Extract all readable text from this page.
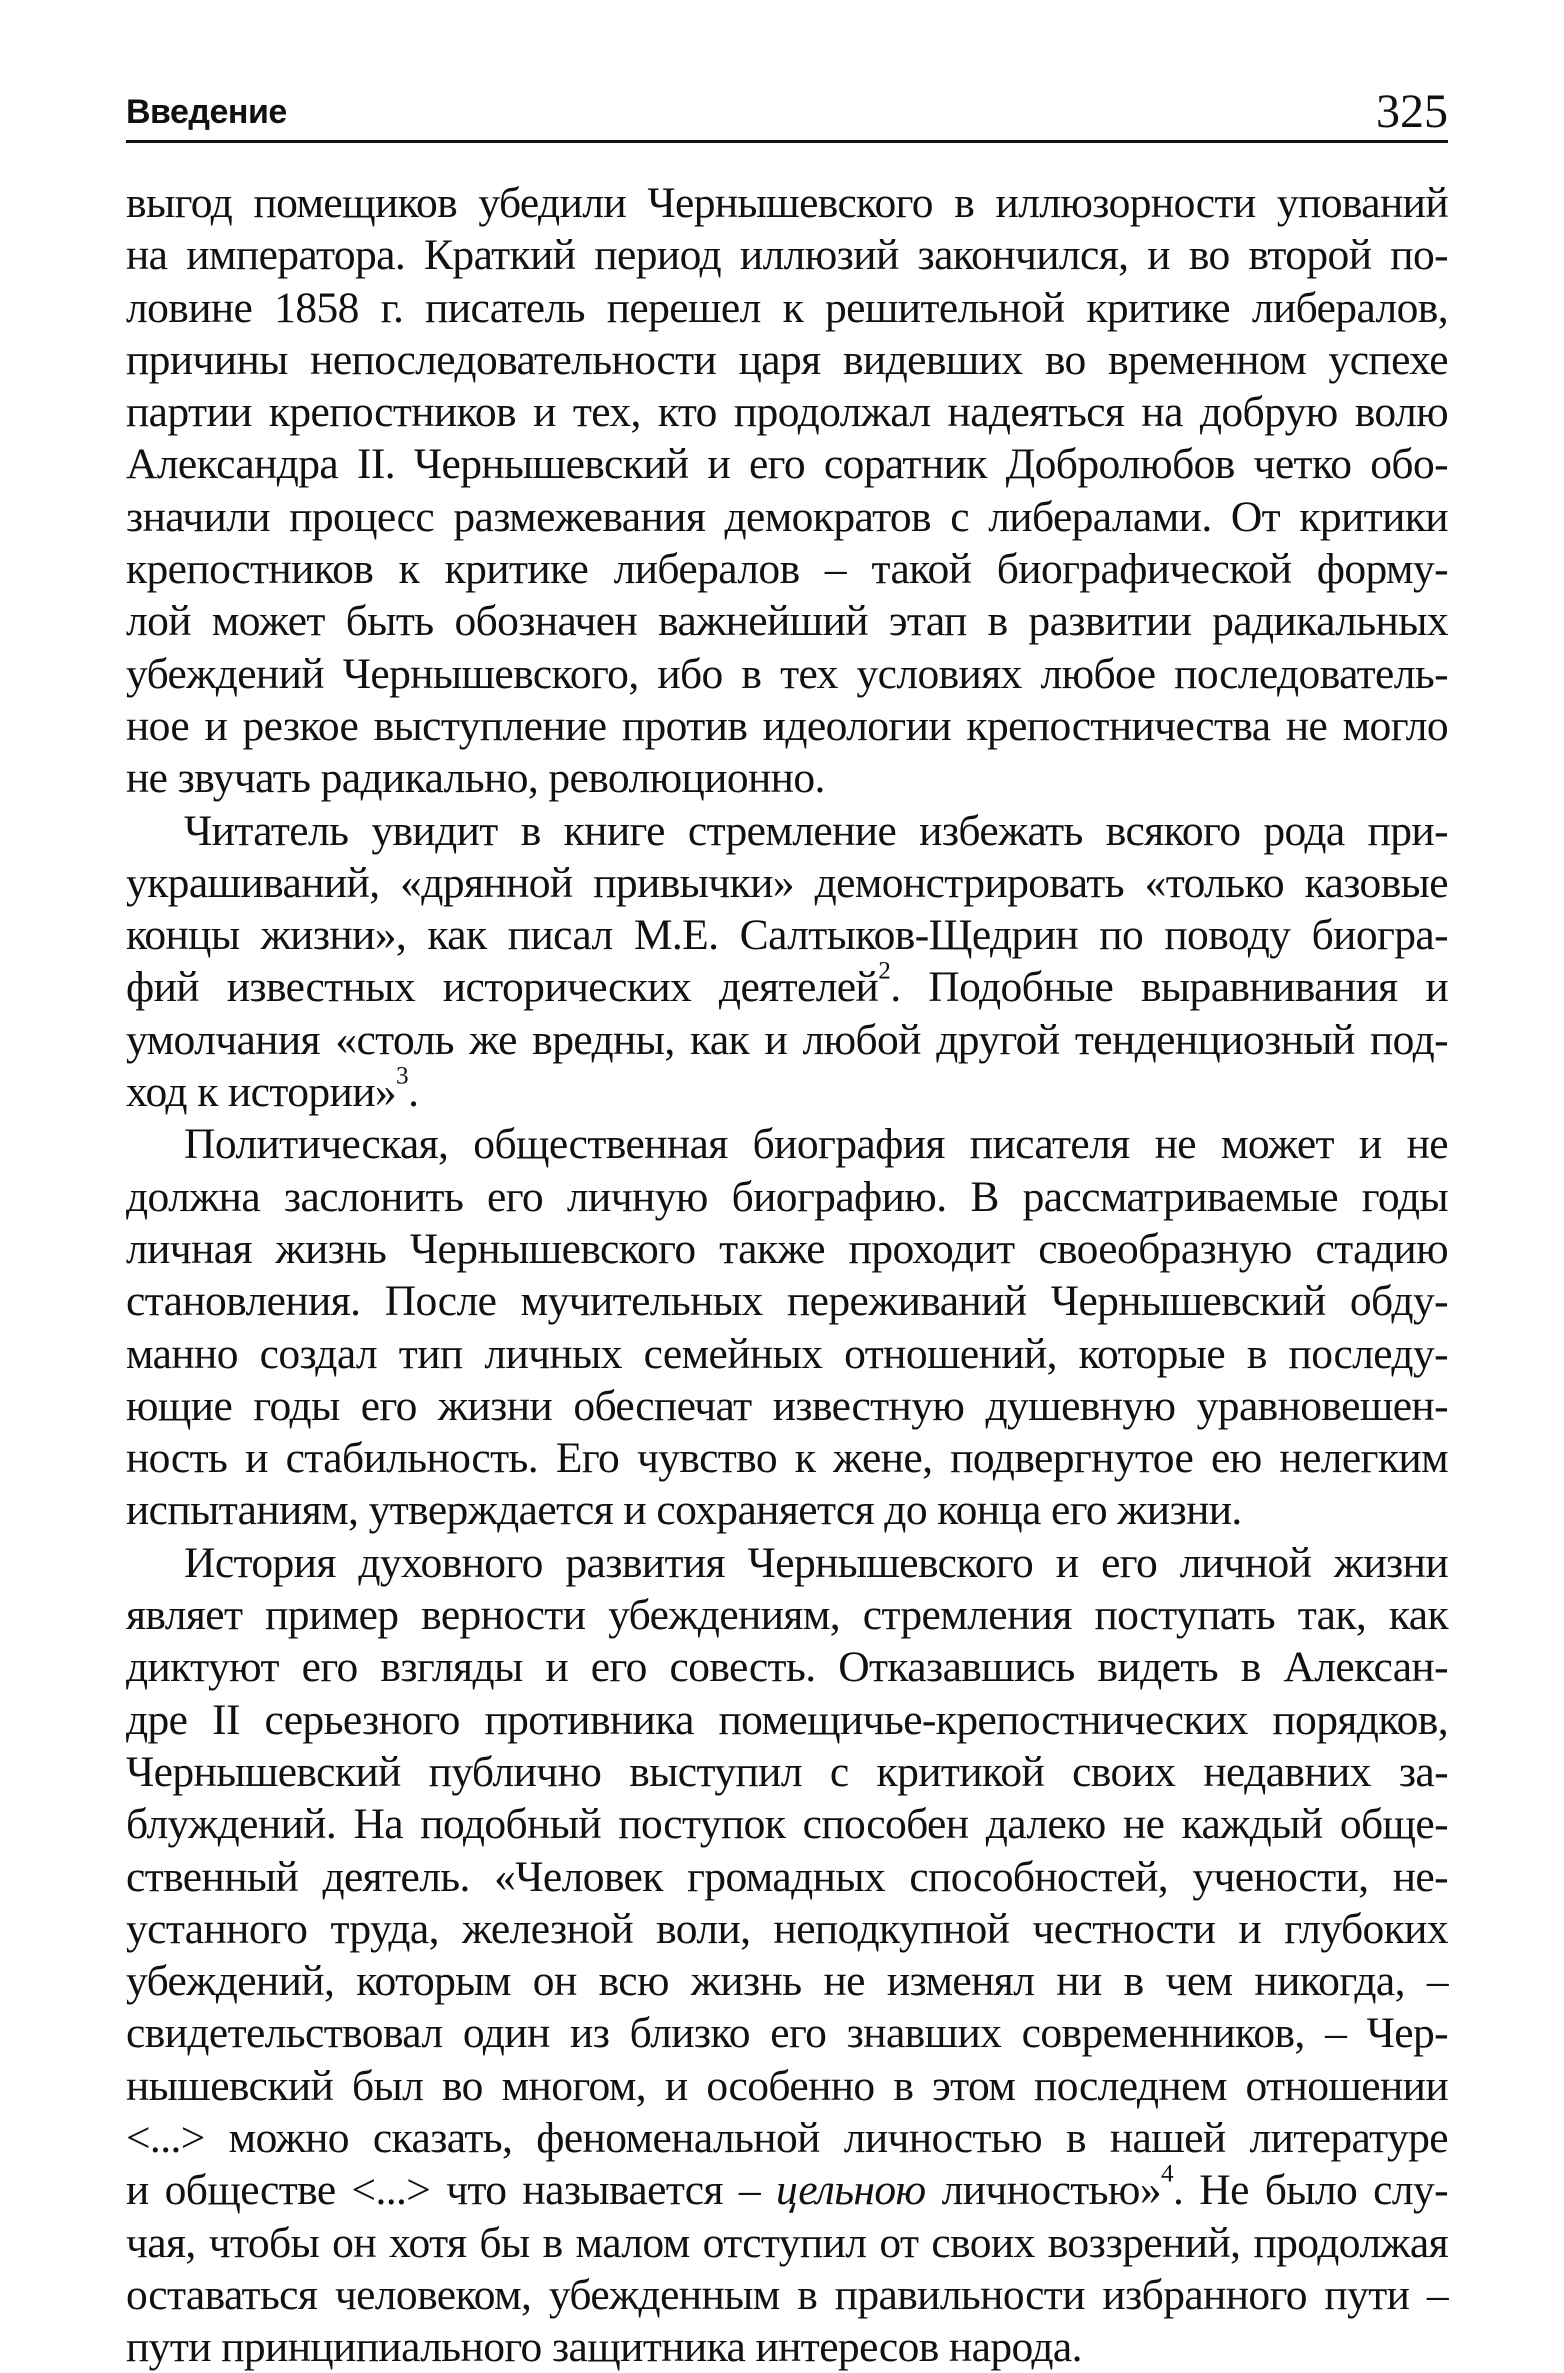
Введение	325

выгод помещиков убедили Чернышевского в иллюзорности упований
на императора. Краткий период иллюзий закончился, и во второй по-
ловине 1858 г. писатель перешел к решительной критике либералов,
причины непоследовательности царя видевших во временном успехе
партии крепостников и тех, кто продолжал надеяться на добрую волю
Александра II. Чернышевский и его соратник Добролюбов четко обо-
значили процесс размежевания демократов с либералами. От критики
крепостников к критике либералов – такой биографической форму-
лой может быть обозначен важнейший этап в развитии радикальных
убеждений Чернышевского, ибо в тех условиях любое последователь-
ное и резкое выступление против идеологии крепостничества не могло
не звучать радикально, революционно.

Читатель увидит в книге стремление избежать всякого рода при-
украшиваний, «дрянной привычки» демонстрировать «только казовые
концы жизни», как писал М.Е. Салтыков-Щедрин по поводу биогра-
фий известных исторических деятелей$^2$. Подобные выравнивания и
умолчания «столь же вредны, как и любой другой тенденциозный под-
ход к истории»$^3$.

Политическая, общественная биография писателя не может и не
должна заслонить его личную биографию. В рассматриваемые годы
личная жизнь Чернышевского также проходит своеобразную стадию
становления. После мучительных переживаний Чернышевский обду-
манно создал тип личных семейных отношений, которые в последу-
ющие годы его жизни обеспечат известную душевную уравновешен-
ность и стабильность. Его чувство к жене, подвергнутое ею нелегким
испытаниям, утверждается и сохраняется до конца его жизни.

История духовного развития Чернышевского и его личной жизни
являет пример верности убеждениям, стремления поступать так, как
диктуют его взгляды и его совесть. Отказавшись видеть в Алексан-
дре II серьезного противника помещичье-крепостнических порядков,
Чернышевский публично выступил с критикой своих недавних за-
блуждений. На подобный поступок способен далеко не каждый обще-
ственный деятель. «Человек громадных способностей, учености, не-
устанного труда, железной воли, неподкупной честности и глубоких
убеждений, которым он всю жизнь не изменял ни в чем никогда, –
свидетельствовал один из близко его знавших современников, – Чер-
нышевский был во многом, и особенно в этом последнем отношении
<...> можно сказать, феноменальной личностью в нашей литературе
и обществе <...> что называется – цельною личностью»$^4$. Не было слу-
чая, чтобы он хотя бы в малом отступил от своих воззрений, продолжая
оставаться человеком, убежденным в правильности избранного пути –
пути принципиального защитника интересов народа.
